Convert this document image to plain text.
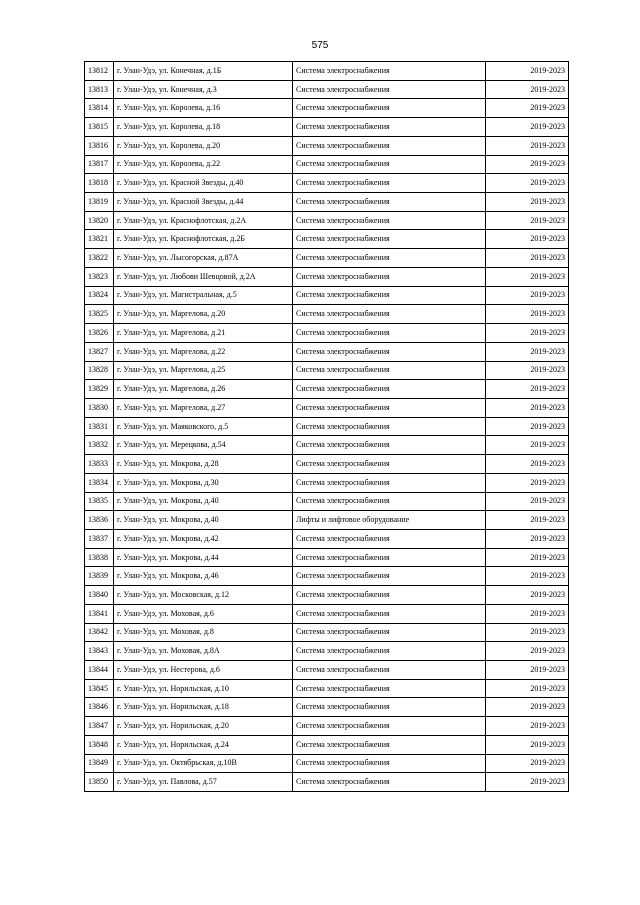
575
13812	г. Улан-Удэ, ул. Конечная, д.1Б	Система электроснабжения	2019-2023
13813	г. Улан-Удэ, ул. Конечная, д.3	Система электроснабжения	2019-2023
13814	г. Улан-Удэ, ул. Королева, д.16	Система электроснабжения	2019-2023
13815	г. Улан-Удэ, ул. Королева, д.18	Система электроснабжения	2019-2023
13816	г. Улан-Удэ, ул. Королева, д.20	Система электроснабжения	2019-2023
13817	г. Улан-Удэ, ул. Королева, д.22	Система электроснабжения	2019-2023
13818	г. Улан-Удэ, ул. Красной Звезды, д.40	Система электроснабжения	2019-2023
13819	г. Улан-Удэ, ул. Красной Звезды, д.44	Система электроснабжения	2019-2023
13820	г. Улан-Удэ, ул. Краснофлотская, д.2А	Система электроснабжения	2019-2023
13821	г. Улан-Удэ, ул. Краснофлотская, д.2Б	Система электроснабжения	2019-2023
13822	г. Улан-Удэ, ул. Лысогорская, д.87А	Система электроснабжения	2019-2023
13823	г. Улан-Удэ, ул. Любови Шевцовой, д.2А	Система электроснабжения	2019-2023
13824	г. Улан-Удэ, ул. Магистральная, д.5	Система электроснабжения	2019-2023
13825	г. Улан-Удэ, ул. Маргелова, д.20	Система электроснабжения	2019-2023
13826	г. Улан-Удэ, ул. Маргелова, д.21	Система электроснабжения	2019-2023
13827	г. Улан-Удэ, ул. Маргелова, д.22	Система электроснабжения	2019-2023
13828	г. Улан-Удэ, ул. Маргелова, д.25	Система электроснабжения	2019-2023
13829	г. Улан-Удэ, ул. Маргелова, д.26	Система электроснабжения	2019-2023
13830	г. Улан-Удэ, ул. Маргелова, д.27	Система электроснабжения	2019-2023
13831	г. Улан-Удэ, ул. Маяковского, д.5	Система электроснабжения	2019-2023
13832	г. Улан-Удэ, ул. Мерецкова, д.54	Система электроснабжения	2019-2023
13833	г. Улан-Удэ, ул. Мокрова, д.28	Система электроснабжения	2019-2023
13834	г. Улан-Удэ, ул. Мокрова, д.30	Система электроснабжения	2019-2023
13835	г. Улан-Удэ, ул. Мокрова, д.40	Система электроснабжения	2019-2023
13836	г. Улан-Удэ, ул. Мокрова, д.40	Лифты и лифтовое оборудование	2019-2023
13837	г. Улан-Удэ, ул. Мокрова, д.42	Система электроснабжения	2019-2023
13838	г. Улан-Удэ, ул. Мокрова, д.44	Система электроснабжения	2019-2023
13839	г. Улан-Удэ, ул. Мокрова, д.46	Система электроснабжения	2019-2023
13840	г. Улан-Удэ, ул. Московская, д.12	Система электроснабжения	2019-2023
13841	г. Улан-Удэ, ул. Моховая, д.6	Система электроснабжения	2019-2023
13842	г. Улан-Удэ, ул. Моховая, д.8	Система электроснабжения	2019-2023
13843	г. Улан-Удэ, ул. Моховая, д.8А	Система электроснабжения	2019-2023
13844	г. Улан-Удэ, ул. Нестерова, д.6	Система электроснабжения	2019-2023
13845	г. Улан-Удэ, ул. Норильская, д.10	Система электроснабжения	2019-2023
13846	г. Улан-Удэ, ул. Норильская, д.18	Система электроснабжения	2019-2023
13847	г. Улан-Удэ, ул. Норильская, д.20	Система электроснабжения	2019-2023
13848	г. Улан-Удэ, ул. Норильская, д.24	Система электроснабжения	2019-2023
13849	г. Улан-Удэ, ул. Октябрьская, д.10В	Система электроснабжения	2019-2023
13850	г. Улан-Удэ, ул. Павлова, д.57	Система электроснабжения	2019-2023
